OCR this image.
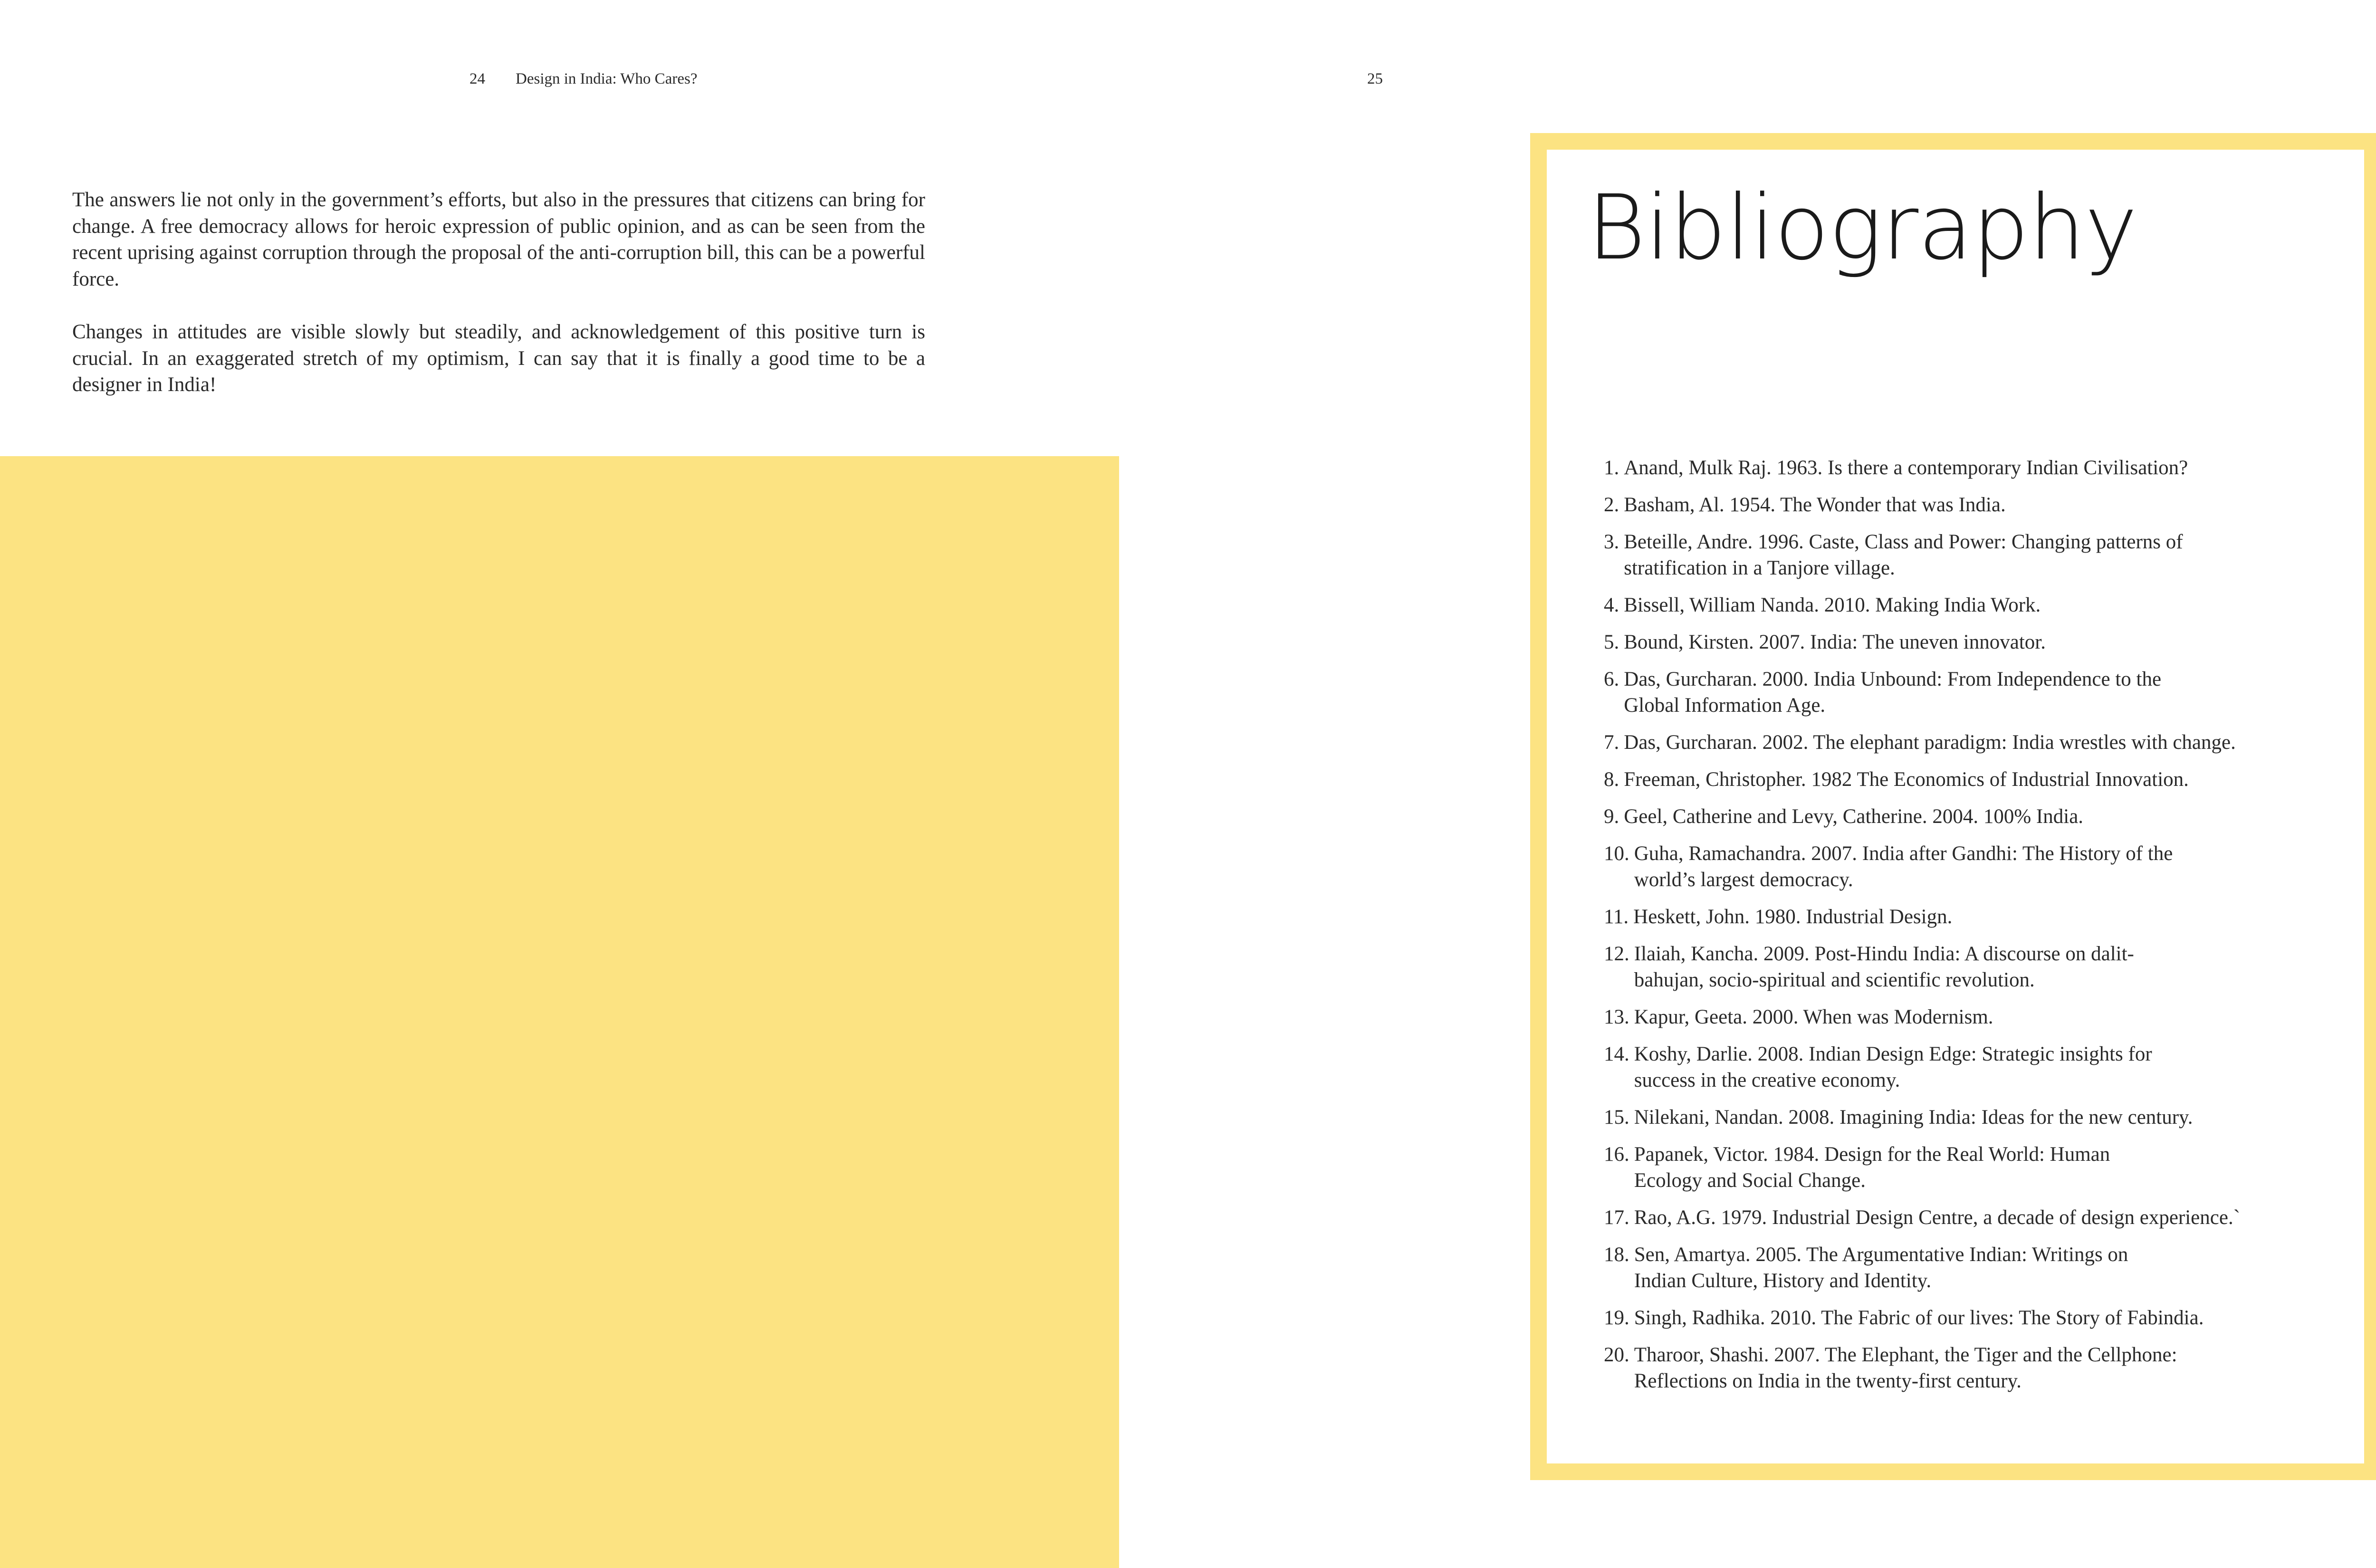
24 Design in India: Who Cares?

The answers lie not only in the government’s efforts, but also in the pressures that citizens can bring for change. A free democracy allows for heroic expression of public opinion, and as can be seen from the recent uprising against corruption through the proposal of the anti-corruption bill, this can be a powerful force.

Changes in attitudes are visible slowly but steadily, and acknowledgement of this positive turn is crucial. In an exaggerated stretch of my optimism, I can say that it is finally a good time to be a designer in India!

25
Bibliography
1. Anand, Mulk Raj. 1963. Is there a contemporary Indian Civilisation?
2. Basham, Al. 1954. The Wonder that was India.
3. Beteille, Andre. 1996. Caste, Class and Power: Changing patterns of stratification in a Tanjore village.
4. Bissell, William Nanda. 2010. Making India Work.
5. Bound, Kirsten. 2007. India: The uneven innovator.
6. Das, Gurcharan. 2000. India Unbound: From Independence to the Global Information Age.
7. Das, Gurcharan. 2002. The elephant paradigm: India wrestles with change.
8. Freeman, Christopher. 1982 The Economics of Industrial Innovation.
9. Geel, Catherine and Levy, Catherine. 2004. 100% India.
10. Guha, Ramachandra. 2007. India after Gandhi: The History of the world’s largest democracy.
11. Heskett, John. 1980. Industrial Design.
12. Ilaiah, Kancha. 2009. Post-Hindu India: A discourse on dalit-bahujan, socio-spiritual and scientific revolution.
13. Kapur, Geeta. 2000. When was Modernism.
14. Koshy, Darlie. 2008. Indian Design Edge: Strategic insights for success in the creative economy.
15. Nilekani, Nandan. 2008. Imagining India: Ideas for the new century.
16. Papanek, Victor. 1984. Design for the Real World: Human Ecology and Social Change.
17. Rao, A.G. 1979. Industrial Design Centre, a decade of design experience.`
18. Sen, Amartya. 2005. The Argumentative Indian: Writings on Indian Culture, History and Identity.
19. Singh, Radhika. 2010. The Fabric of our lives: The Story of Fabindia.
20. Tharoor, Shashi. 2007. The Elephant, the Tiger and the Cellphone: Reflections on India in the twenty-first century.
